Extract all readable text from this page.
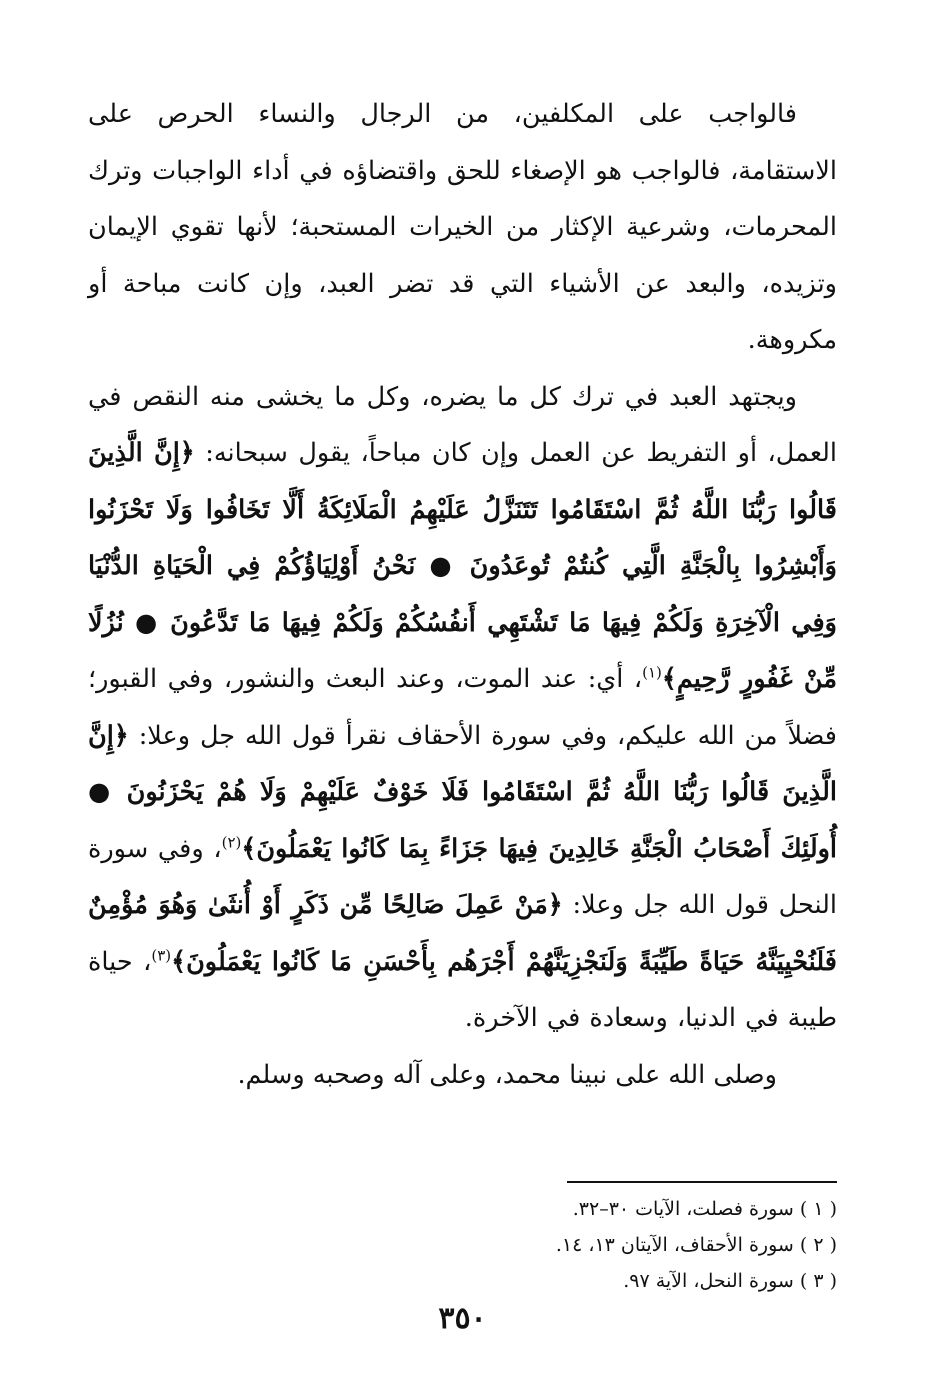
فالواجب على المكلفين، من الرجال والنساء الحرص على الاستقامة، فالواجب هو الإصغاء للحق واقتضاؤه في أداء الواجبات وترك المحرمات، وشرعية الإكثار من الخيرات المستحبة؛ لأنها تقوي الإيمان وتزيده، والبعد عن الأشياء التي قد تضر العبد، وإن كانت مباحة أو مكروهة.

ويجتهد العبد في ترك كل ما يضره، وكل ما يخشى منه النقص في العمل، أو التفريط عن العمل وإن كان مباحاً، يقول سبحانه: ﴿إِنَّ الَّذِينَ قَالُوا رَبُّنَا اللَّهُ ثُمَّ اسْتَقَامُوا تَتَنَزَّلُ عَلَيْهِمُ الْمَلَائِكَةُ أَلَّا تَخَافُوا وَلَا تَحْزَنُوا وَأَبْشِرُوا بِالْجَنَّةِ الَّتِي كُنتُمْ تُوعَدُونَ ● نَحْنُ أَوْلِيَاؤُكُمْ فِي الْحَيَاةِ الدُّنْيَا وَفِي الْآخِرَةِ وَلَكُمْ فِيهَا مَا تَشْتَهِي أَنفُسُكُمْ وَلَكُمْ فِيهَا مَا تَدَّعُونَ ● نُزُلًا مِّنْ غَفُورٍ رَّحِيمٍ﴾$^{(١)}$، أي: عند الموت، وعند البعث والنشور، وفي القبور؛ فضلاً من الله عليكم، وفي سورة الأحقاف نقرأ قول الله جل وعلا: ﴿إِنَّ الَّذِينَ قَالُوا رَبُّنَا اللَّهُ ثُمَّ اسْتَقَامُوا فَلَا خَوْفٌ عَلَيْهِمْ وَلَا هُمْ يَحْزَنُونَ ● أُولَئِكَ أَصْحَابُ الْجَنَّةِ خَالِدِينَ فِيهَا جَزَاءً بِمَا كَانُوا يَعْمَلُونَ﴾$^{(٢)}$، وفي سورة النحل قول الله جل وعلا: ﴿مَنْ عَمِلَ صَالِحًا مِّن ذَكَرٍ أَوْ أُنثَىٰ وَهُوَ مُؤْمِنٌ فَلَنُحْيِيَنَّهُ حَيَاةً طَيِّبَةً وَلَنَجْزِيَنَّهُمْ أَجْرَهُم بِأَحْسَنِ مَا كَانُوا يَعْمَلُونَ﴾$^{(٣)}$، حياة طيبة في الدنيا، وسعادة في الآخرة.

وصلى الله على نبينا محمد، وعلى آله وصحبه وسلم.

( ١ ) سورة فصلت، الآيات ٣٠–٣٢.
( ٢ ) سورة الأحقاف، الآيتان ١٣، ١٤.
( ٣ ) سورة النحل، الآية ٩٧.
٣٥٠
